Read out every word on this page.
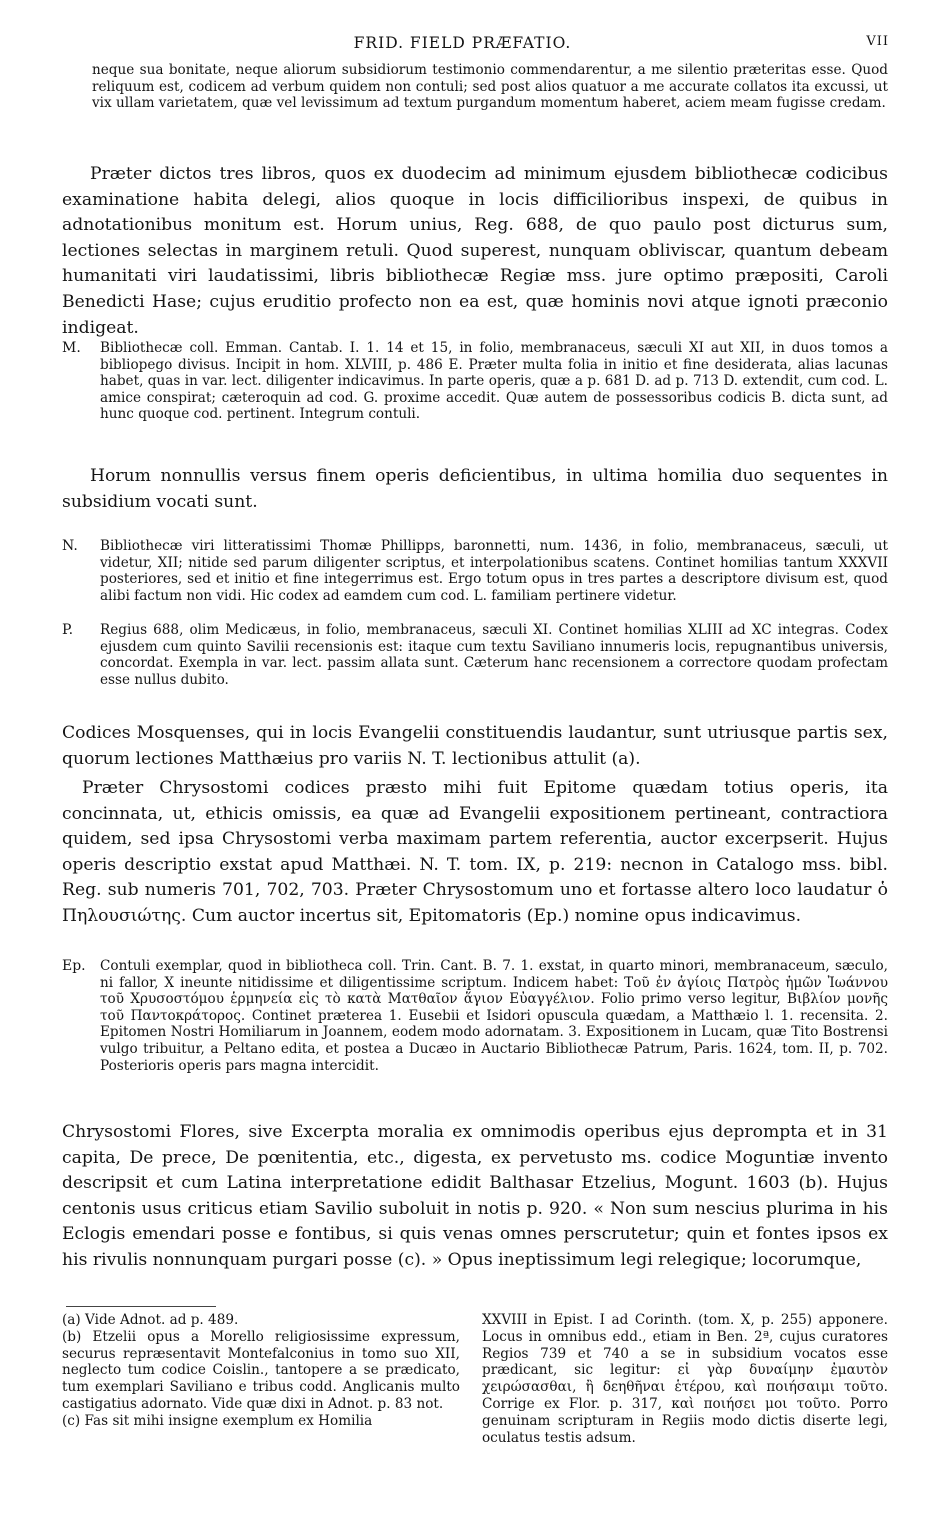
FRID. FIELD PRÆFATIO.	VII

neque sua bonitate, neque aliorum subsidiorum testimonio commendarentur, a me silentio præteritas esse. Quod reliquum est, codicem ad verbum quidem non contuli; sed post alios quatuor a me accurate collatos ita excussi, ut vix ullam varietatem, quæ vel levissimum ad textum purgandum momentum haberet, aciem meam fugisse credam.

Præter dictos tres libros, quos ex duodecim ad minimum ejusdem bibliothecæ codicibus examinatione habita delegi, alios quoque in locis difficilioribus inspexi, de quibus in adnotationibus monitum est. Horum unius, Reg. 688, de quo paulo post dicturus sum, lectiones selectas in marginem retuli. Quod superest, nunquam obliviscar, quantum debeam humanitati viri laudatissimi, libris bibliothecæ Regiæ mss. jure optimo præpositi, Caroli Benedicti Hase; cujus eruditio profecto non ea est, quæ hominis novi atque ignoti præconio indigeat.

M.	Bibliothecæ coll. Emman. Cantab. I. 1. 14 et 15, in folio, membranaceus, sæculi XI aut XII, in duos tomos a bibliopego divisus. Incipit in hom. XLVIII, p. 486 E. Præter multa folia in initio et fine desiderata, alias lacunas habet, quas in var. lect. diligenter indicavimus. In parte operis, quæ a p. 681 D. ad p. 713 D. extendit, cum cod. L. amice conspirat; cæteroquin ad cod. G. proxime accedit. Quæ autem de possessoribus codicis B. dicta sunt, ad hunc quoque cod. pertinent. Integrum contuli.

Horum nonnullis versus finem operis deficientibus, in ultima homilia duo sequentes in subsidium vocati sunt.

N.	Bibliothecæ viri litteratissimi Thomæ Phillipps, baronnetti, num. 1436, in folio, membranaceus, sæculi, ut videtur, XII; nitide sed parum diligenter scriptus, et interpolationibus scatens. Continet homilias tantum XXXVII posteriores, sed et initio et fine integerrimus est. Ergo totum opus in tres partes a descriptore divisum est, quod alibi factum non vidi. Hic codex ad eamdem cum cod. L. familiam pertinere videtur.

P.	Regius 688, olim Medicæus, in folio, membranaceus, sæculi XI. Continet homilias XLIII ad XC integras. Codex ejusdem cum quinto Savilii recensionis est: itaque cum textu Saviliano innumeris locis, repugnantibus universis, concordat. Exempla in var. lect. passim allata sunt. Cæterum hanc recensionem a correctore quodam profectam esse nullus dubito.

Codices Mosquenses, qui in locis Evangelii constituendis laudantur, sunt utriusque partis sex, quorum lectiones Matthæius pro variis N. T. lectionibus attulit (a).

Præter Chrysostomi codices præsto mihi fuit Epitome quædam totius operis, ita concinnata, ut, ethicis omissis, ea quæ ad Evangelii expositionem pertineant, contractiora quidem, sed ipsa Chrysostomi verba maximam partem referentia, auctor excerpserit. Hujus operis descriptio exstat apud Matthæi. N. T. tom. IX, p. 219: necnon in Catalogo mss. bibl. Reg. sub numeris 701, 702, 703. Præter Chrysostomum uno et fortasse altero loco laudatur ὁ Πηλουσιώτης. Cum auctor incertus sit, Epitomatoris (Ep.) nomine opus indicavimus.

Ep.	Contuli exemplar, quod in bibliotheca coll. Trin. Cant. B. 7. 1. exstat, in quarto minori, membranaceum, sæculo, ni fallor, X ineunte nitidissime et diligentissime scriptum. Indicem habet: Τοῦ ἐν ἁγίοις Πατρὸς ἡμῶν Ἰωάννου τοῦ Χρυσοστόμου ἑρμηνεία εἰς τὸ κατὰ Ματθαῖον ἅγιον Εὐαγγέλιον. Folio primo verso legitur, Βιβλίον μονῆς τοῦ Παντοκράτορος. Continet præterea 1. Eusebii et Isidori opuscula quædam, a Matthæio l. 1. recensita. 2. Epitomen Nostri Homiliarum in Joannem, eodem modo adornatam. 3. Expositionem in Lucam, quæ Tito Bostrensi vulgo tribuitur, a Peltano edita, et postea a Ducæo in Auctario Bibliothecæ Patrum, Paris. 1624, tom. II, p. 702. Posterioris operis pars magna intercidit.

Chrysostomi Flores, sive Excerpta moralia ex omnimodis operibus ejus deprompta et in 31 capita, De prece, De pœnitentia, etc., digesta, ex pervetusto ms. codice Moguntiæ invento descripsit et cum Latina interpretatione edidit Balthasar Etzelius, Mogunt. 1603 (b). Hujus centonis usus criticus etiam Savilio suboluit in notis p. 920. « Non sum nescius plurima in his Eclogis emendari posse e fontibus, si quis venas omnes perscrutetur; quin et fontes ipsos ex his rivulis nonnunquam purgari posse (c). » Opus ineptissimum legi relegique; locorumque,

(a) Vide Adnot. ad p. 489.

(b) Etzelii opus a Morello religiosissime expressum, securus repræsentavit Montefalconius in tomo suo XII, neglecto tum codice Coislin., tantopere a se prædicato, tum exemplari Saviliano e tribus codd. Anglicanis multo castigatius adornato. Vide quæ dixi in Adnot. p. 83 not.

(c) Fas sit mihi insigne exemplum ex Homilia

XXVIII in Epist. I ad Corinth. (tom. X, p. 255) apponere. Locus in omnibus edd., etiam in Ben. 2ª, cujus curatores Regios 739 et 740 a se in subsidium vocatos esse prædicant, sic legitur: εἰ γὰρ δυναίμην ἐμαυτὸν χειρώσασθαι, ἢ δεηθῆναι ἑτέρου, καὶ ποιήσαιμι τοῦτο. Corrige ex Flor. p. 317, καὶ ποιήσει μοι τοῦτο. Porro genuinam scripturam in Regiis modo dictis diserte legi, oculatus testis adsum.
